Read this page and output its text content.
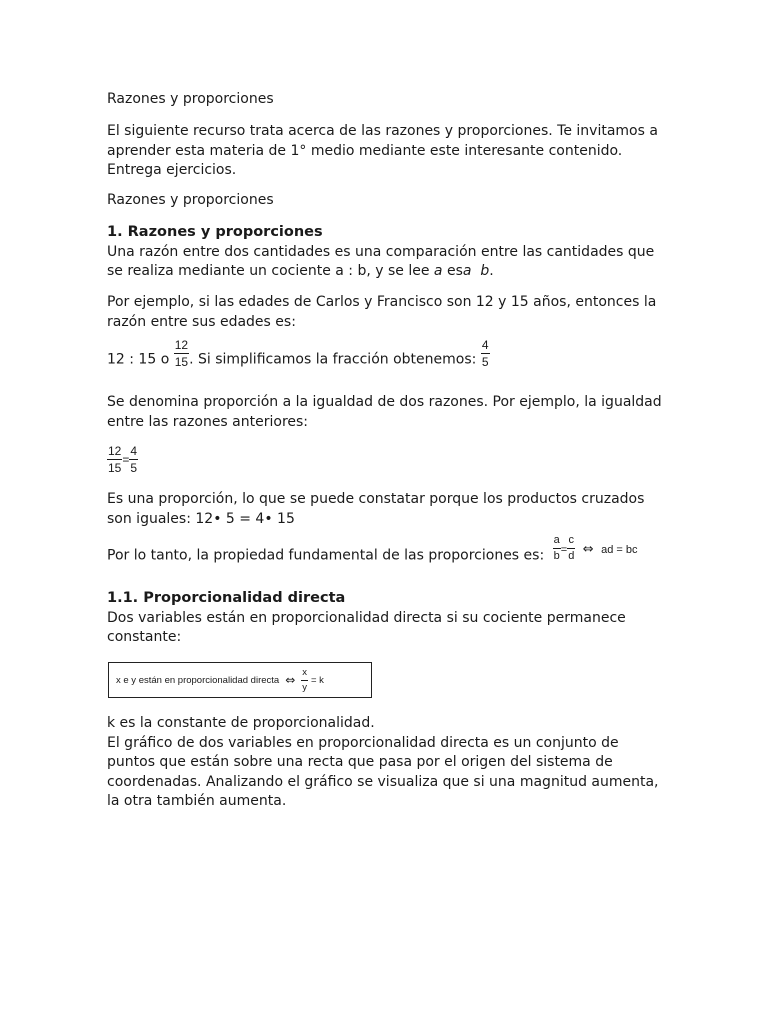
Razones y proporciones
El siguiente recurso trata acerca de las razones y proporciones. Te invitamos a aprender esta materia de 1° medio mediante este interesante contenido. Entrega ejercicios.
Razones y proporciones
1. Razones y proporciones
Una razón entre dos cantidades es una comparación entre las cantidades que se realiza mediante un cociente a : b, y se lee a esa b.
Por ejemplo, si las edades de Carlos y Francisco son 12 y 15 años, entonces la razón entre sus edades es:
12 : 15 o $\frac{12}{15}$ . Si simplificamos la fracción obtenemos: $\frac{4}{5}$
Se denomina proporción a la igualdad de dos razones. Por ejemplo, la igualdad entre las razones anteriores:
$\frac{12}{15} = \frac{4}{5}$
Es una proporción, lo que se puede constatar porque los productos cruzados son iguales: 12• 5 = 4• 15
Por lo tanto, la propiedad fundamental de las proporciones es: $\frac{a}{b} ^= \frac{c}{d}$ ⇔ $^{ad = bc}$
1.1. Proporcionalidad directa
Dos variables están en proporcionalidad directa si su cociente permanece constante:
x e y están en proporcionalidad directa ⇔ $\frac{x}{y} = k$
k es la constante de proporcionalidad.
El gráfico de dos variables en proporcionalidad directa es un conjunto de puntos que están sobre una recta que pasa por el origen del sistema de coordenadas. Analizando el gráfico se visualiza que si una magnitud aumenta, la otra también aumenta.
